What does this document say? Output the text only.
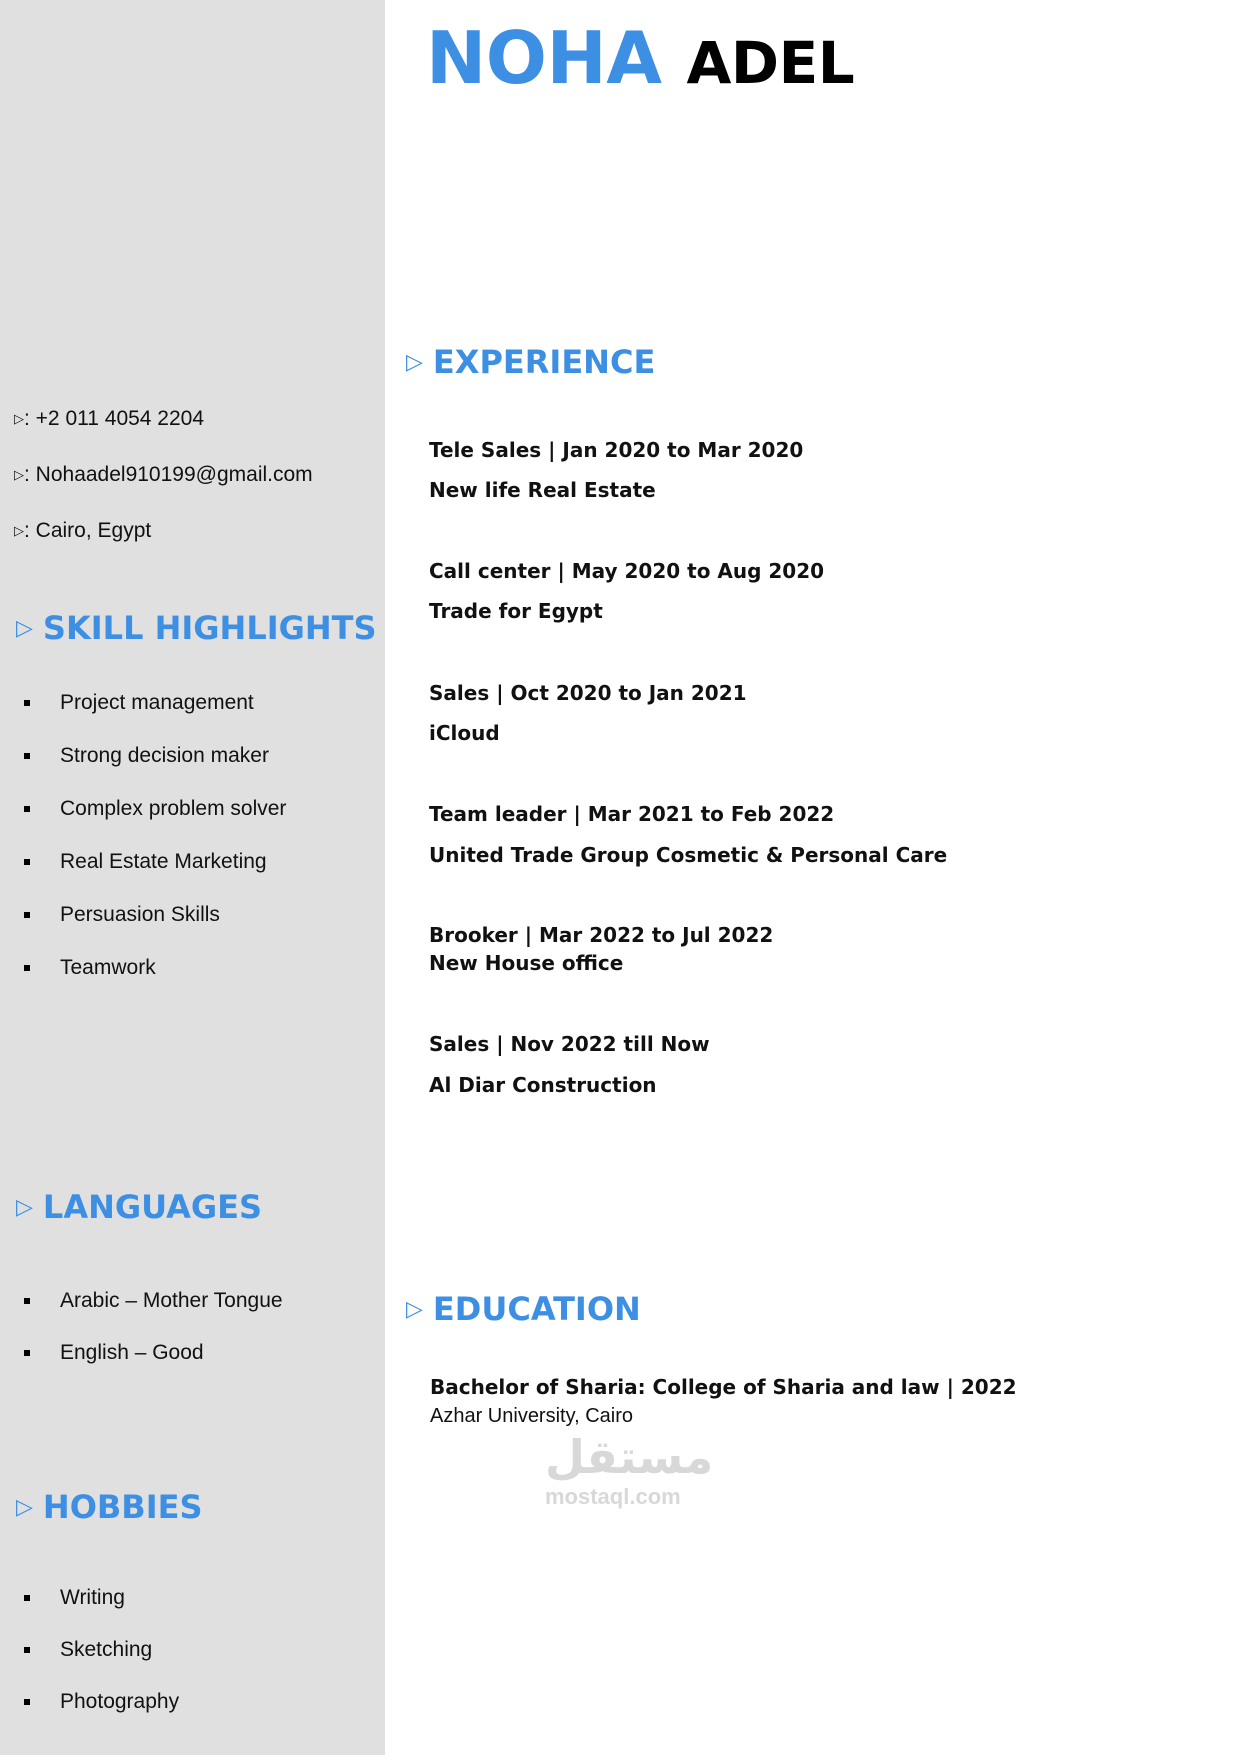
NOHA ADEL
▷: +2 011 4054 2204
▷: Nohaadel910199@gmail.com
▷: Cairo, Egypt
▷ SKILL HIGHLIGHTS
Project management
Strong decision maker
Complex problem solver
Real Estate Marketing
Persuasion Skills
Teamwork
▷ LANGUAGES
Arabic – Mother Tongue
English – Good
▷ HOBBIES
Writing
Sketching
Photography
▷ EXPERIENCE
Tele Sales | Jan 2020 to Mar 2020
New life Real Estate
Call center | May 2020 to Aug 2020
Trade for Egypt
Sales | Oct 2020 to Jan 2021
iCloud
Team leader | Mar 2021 to Feb 2022
United Trade Group Cosmetic & Personal Care
Brooker | Mar 2022 to Jul 2022
New House office
Sales | Nov 2022 till Now
Al Diar Construction
▷ EDUCATION
Bachelor of Sharia: College of Sharia and law | 2022
Azhar University, Cairo
مستقل
mostaql.com
